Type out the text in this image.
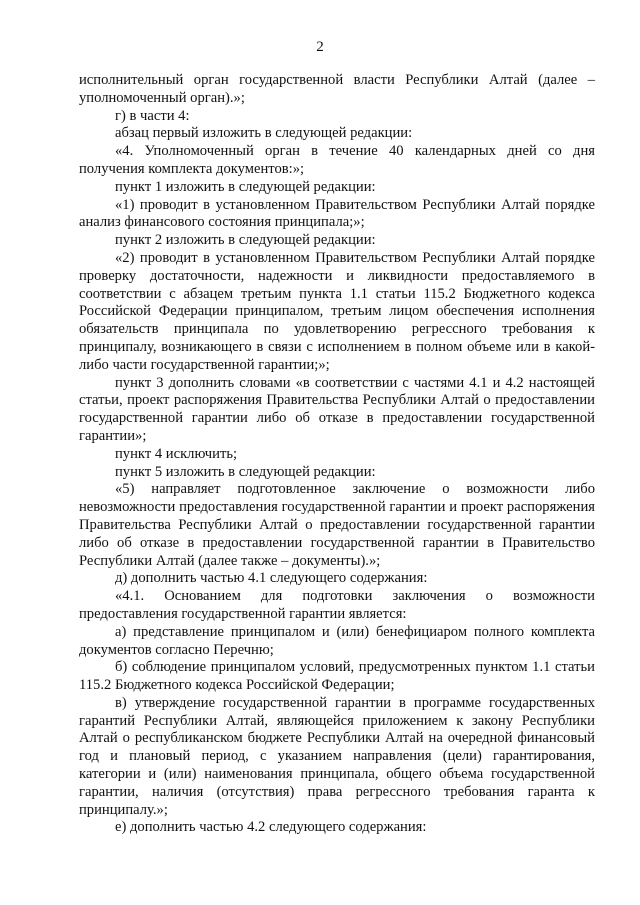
2

исполнительный орган государственной власти Республики Алтай (далее – уполномоченный орган).»;

г) в части 4:

абзац первый изложить в следующей редакции:

«4. Уполномоченный орган в течение 40 календарных дней со дня получения комплекта документов:»;

пункт 1 изложить в следующей редакции:

«1) проводит в установленном Правительством Республики Алтай порядке анализ финансового состояния принципала;»;

пункт 2 изложить в следующей редакции:

«2) проводит в установленном Правительством Республики Алтай порядке проверку достаточности, надежности и ликвидности предоставляемого в соответствии с абзацем третьим пункта 1.1 статьи 115.2 Бюджетного кодекса Российской Федерации принципалом, третьим лицом обеспечения исполнения обязательств принципала по удовлетворению регрессного требования к принципалу, возникающего в связи с исполнением в полном объеме или в какой-либо части государственной гарантии;»;

пункт 3 дополнить словами «в соответствии с частями 4.1 и 4.2 настоящей статьи, проект распоряжения Правительства Республики Алтай о предоставлении государственной гарантии либо об отказе в предоставлении государственной гарантии»;

пункт 4 исключить;

пункт 5 изложить в следующей редакции:

«5) направляет подготовленное заключение о возможности либо невозможности предоставления государственной гарантии и проект распоряжения Правительства Республики Алтай о предоставлении государственной гарантии либо об отказе в предоставлении государственной гарантии в Правительство Республики Алтай (далее также – документы).»;

д) дополнить частью 4.1 следующего содержания:

«4.1. Основанием для подготовки заключения о возможности предоставления государственной гарантии является:

а) представление принципалом и (или) бенефициаром полного комплекта документов согласно Перечню;

б) соблюдение принципалом условий, предусмотренных пунктом 1.1 статьи 115.2 Бюджетного кодекса Российской Федерации;

в) утверждение государственной гарантии в программе государственных гарантий Республики Алтай, являющейся приложением к закону Республики Алтай о республиканском бюджете Республики Алтай на очередной финансовый год и плановый период, с указанием направления (цели) гарантирования, категории и (или) наименования принципала, общего объема государственной гарантии, наличия (отсутствия) права регрессного требования гаранта к принципалу.»;

е) дополнить частью 4.2 следующего содержания:
